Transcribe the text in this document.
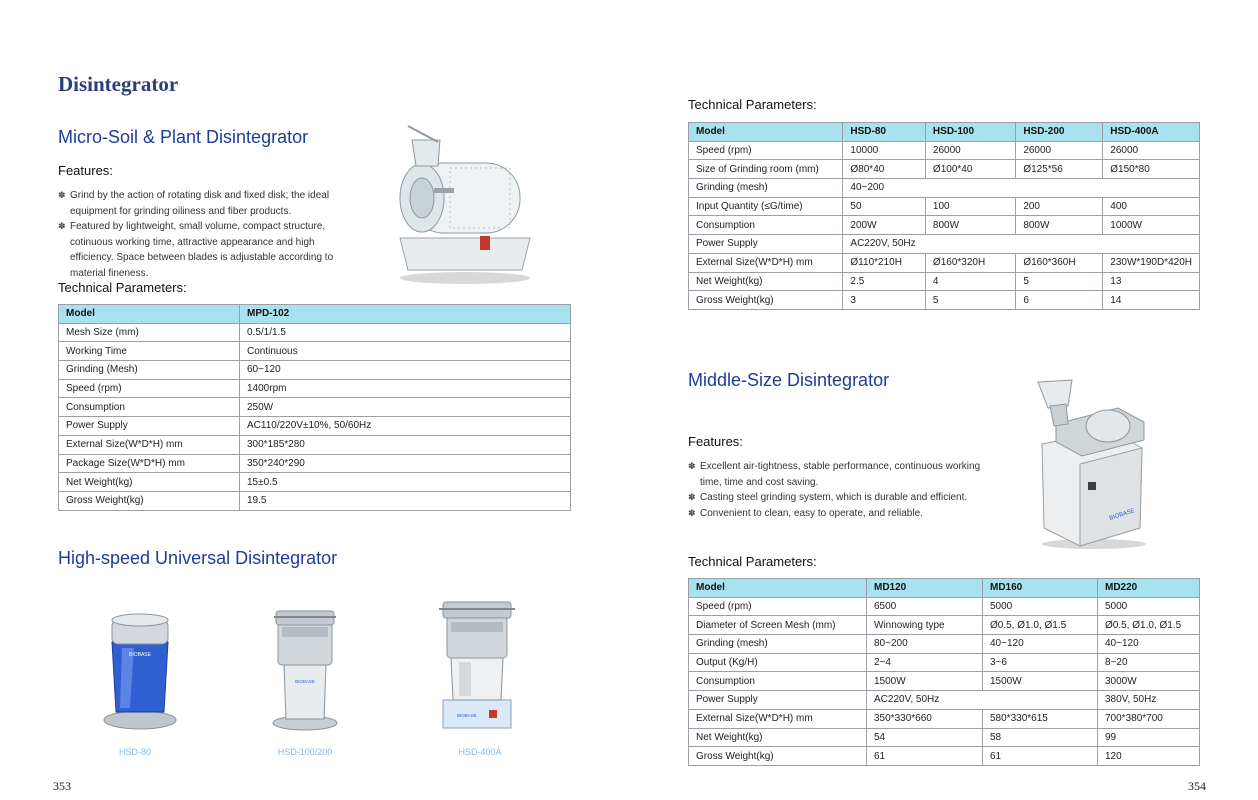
Disintegrator
Micro-Soil & Plant Disintegrator

Features:

✽ Grind by the action of rotating disk and fixed disk; the ideal equipment for grinding oiliness and fiber products.
✽ Featured by lightweight, small volume, compact structure, cotinuous working time, attractive appearance and high efficiency. Space between blades is adjustable according to material fineness.

Technical Parameters:

Model	MPD-102
Mesh Size (mm)	0.5/1/1.5
Working Time	Continuous
Grinding (Mesh)	60~120
Speed (rpm)	1400rpm
Consumption	250W
Power Supply	AC110/220V±10%, 50/60Hz
External Size(W*D*H) mm	300*185*280
Package Size(W*D*H) mm	350*240*290
Net Weight(kg)	15±0.5
Gross Weight(kg)	19.5
High-speed Universal Disintegrator
BIOBASE
HSD-80
BIOBASE
HSD-100/200
BIOBASE
HSD-400A
353

Technical Parameters:

Model	HSD-80	HSD-100	HSD-200	HSD-400A
Speed (rpm)	10000	26000	26000	26000
Size of Grinding room (mm)	Ø80*40	Ø100*40	Ø125*56	Ø150*80
Grinding (mesh)	40~200			
Input Quantity (≤G/time)	50	100	200	400
Consumption	200W	800W	800W	1000W
Power Supply	AC220V, 50Hz			
External Size(W*D*H) mm	Ø110*210H	Ø160*320H	Ø160*360H	230W*190D*420H
Net Weight(kg)	2.5	4	5	13
Gross Weight(kg)	3	5	6	14
Middle-Size Disintegrator

Features:

✽ Excellent air-tightness, stable performance, continuous working time, time and cost saving.
✽ Casting steel grinding system, which is durable and efficient.
✽ Convenient to clean, easy to operate, and reliable.	BIOBASE

Technical Parameters:

Model	MD120	MD160	MD220
Speed (rpm)	6500	5000	5000
Diameter of Screen Mesh (mm)	Winnowing type	Ø0.5, Ø1.0, Ø1.5	Ø0.5, Ø1.0, Ø1.5
Grinding (mesh)	80~200	40~120	40~120
Output (Kg/H)	2~4	3~6	8~20
Consumption	1500W	1500W	3000W
Power Supply	AC220V, 50Hz		380V, 50Hz
External Size(W*D*H) mm	350*330*660	580*330*615	700*380*700
Net Weight(kg)	54	58	99
Gross Weight(kg)	61	61	120
354
